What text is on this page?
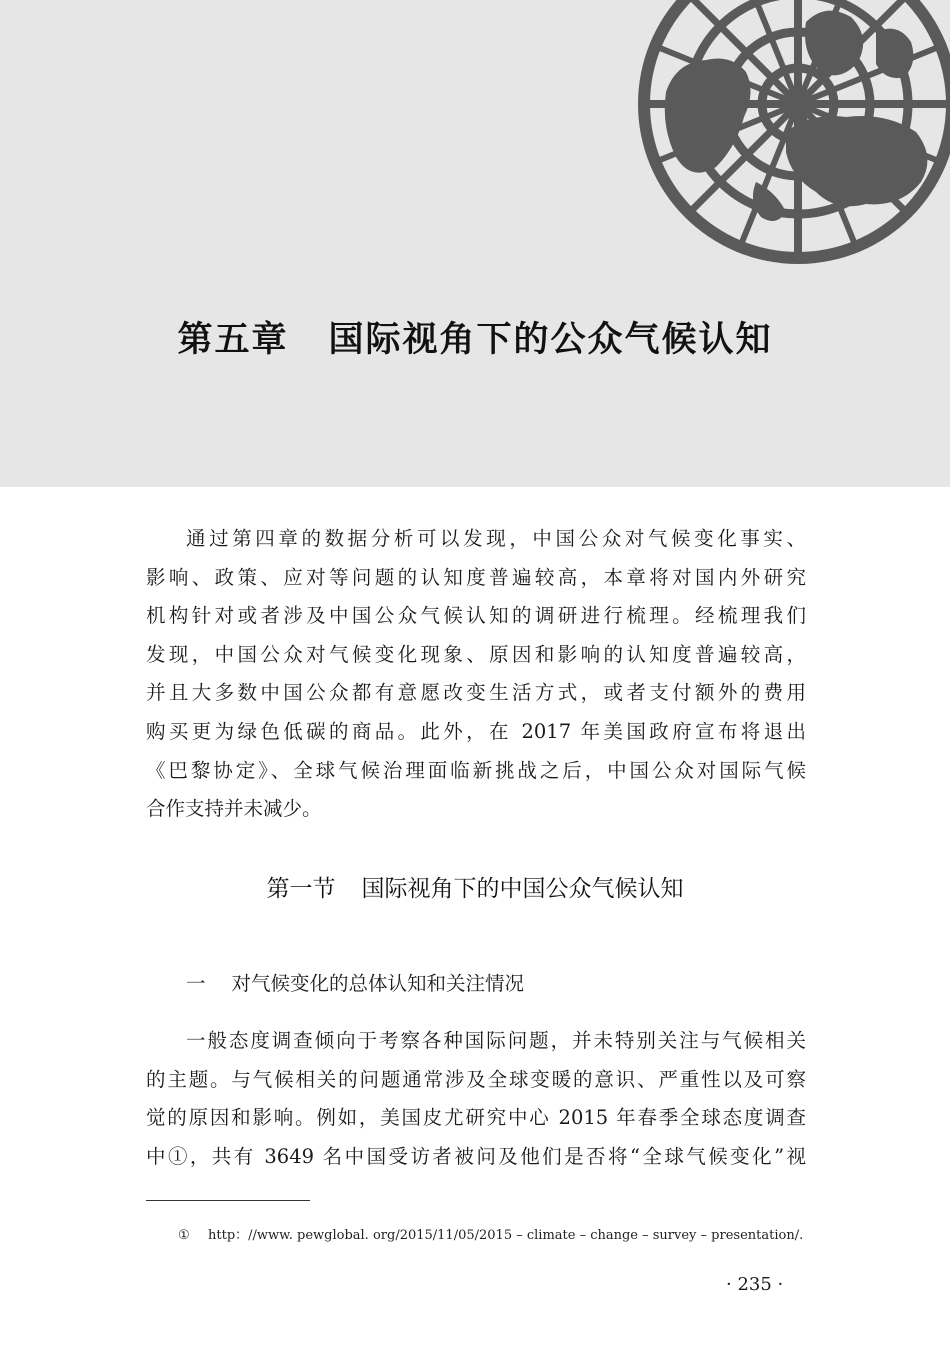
第五章 国际视角下的公众气候认知
通过第四章的数据分析可以发现，中国公众对气候变化事实、
影响、政策、应对等问题的认知度普遍较高，本章将对国内外研究
机构针对或者涉及中国公众气候认知的调研进行梳理。经梳理我们
发现，中国公众对气候变化现象、原因和影响的认知度普遍较高，
并且大多数中国公众都有意愿改变生活方式，或者支付额外的费用
购买更为绿色低碳的商品。此外，在 2017 年美国政府宣布将退出
《巴黎协定》、全球气候治理面临新挑战之后，中国公众对国际气候
合作支持并未减少。
第一节 国际视角下的中国公众气候认知
一 对气候变化的总体认知和关注情况
一般态度调查倾向于考察各种国际问题，并未特别关注与气候相关
的主题。与气候相关的问题通常涉及全球变暖的意识、严重性以及可察
觉的原因和影响。例如，美国皮尤研究中心 2015 年春季全球态度调查
中①，共有 3649 名中国受访者被问及他们是否将“全球气候变化”视
① http：//www. pewglobal. org/2015/11/05/2015 – climate – change – survey – presentation/.
· 235 ·
